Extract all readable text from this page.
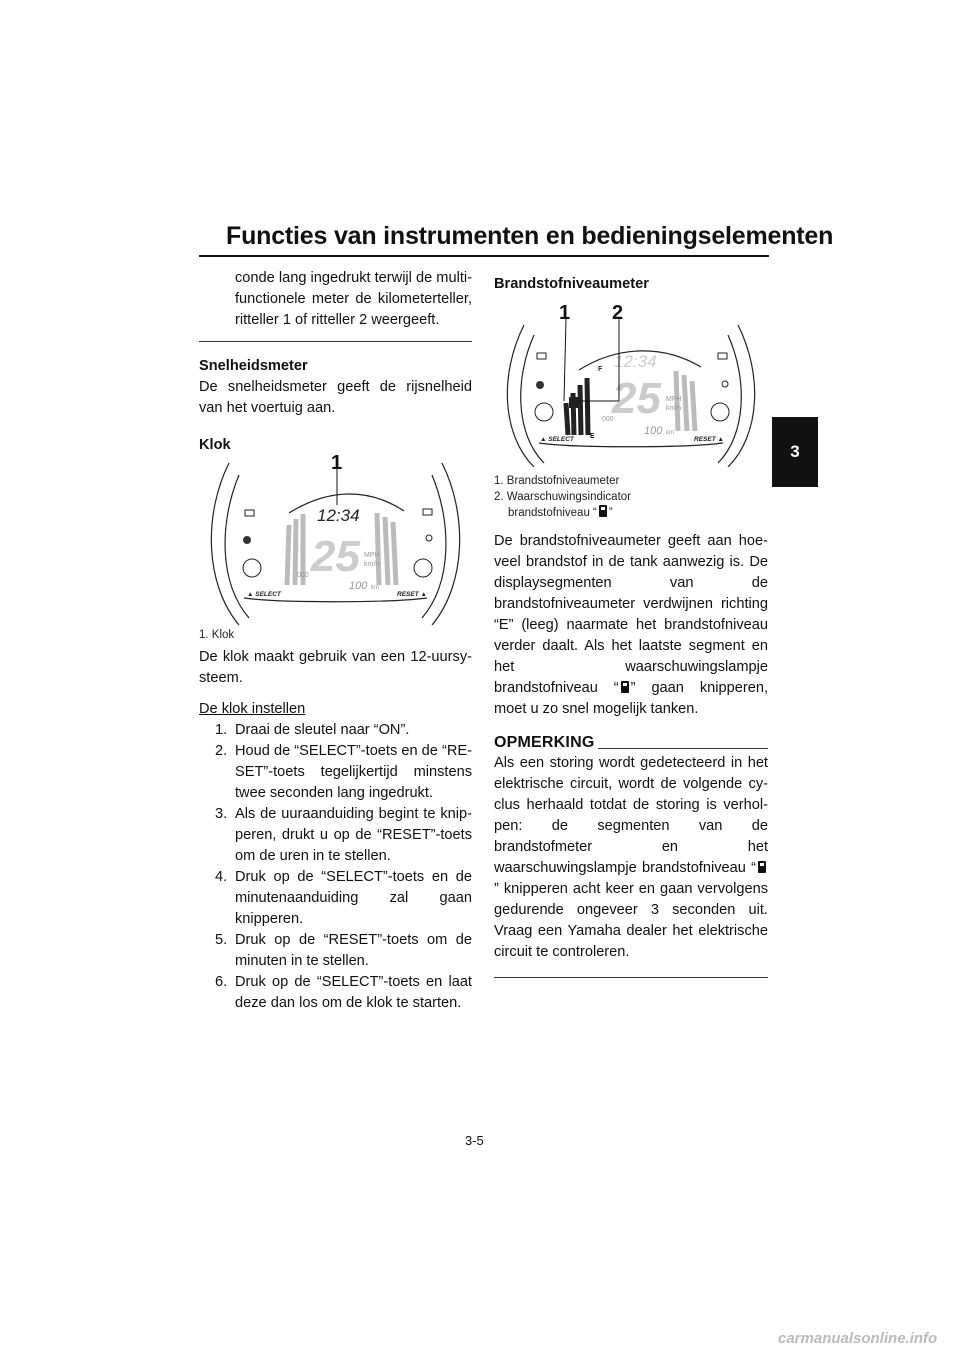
Functies van instrumenten en bedieningselementen
3

conde lang ingedrukt terwijl de multifunctionele meter de kilometerteller, ritteller 1 of ritteller 2 weergeeft.

Snelheidsmeter

De snelheidsmeter geeft de rijsnelheid van het voertuig aan.

Klok
12:34
25 MPH
km/h
000
100 km
▲ SELECT	RESET ▲
1
1. Klok

De klok maakt gebruik van een 12-uursysteem.

De klok instellen
1. Draai de sleutel naar “ON”.
2. Houd de “SELECT”-toets en de “RESET”-toets tegelijkertijd minstens twee seconden lang ingedrukt.
3. Als de uuraanduiding begint te knipperen, drukt u op de “RESET”-toets om de uren in te stellen.
4. Druk op de “SELECT”-toets en de minutenaanduiding zal gaan knipperen.
5. Druk op de “RESET”-toets om de minuten in te stellen.
6. Druk op de “SELECT”-toets en laat deze dan los om de klok te starten.
Brandstofniveaumeter
12:34
25 MPH
km/h
F
E
000
100 km
▲ SELECT	RESET ▲
1 2
1. Brandstofniveaumeter
2. Waarschuwingsindicator
brandstofniveau “ ”

De brandstofniveaumeter geeft aan hoeveel brandstof in de tank aanwezig is. De displaysegmenten van de brandstofniveaumeter verdwijnen richting “E” (leeg) naarmate het brandstofniveau verder daalt. Als het laatste segment en het waarschuwingslampje brandstofniveau “ ” gaan knipperen, moet u zo snel mogelijk tanken.

OPMERKING

Als een storing wordt gedetecteerd in het elektrische circuit, wordt de volgende cyclus herhaald totdat de storing is verholpen: de segmenten van de brandstofmeter en het waarschuwingslampje brandstofniveau “” knipperen acht keer en gaan vervolgens gedurende ongeveer 3 seconden uit. Vraag een Yamaha dealer het elektrische circuit te controleren.

3-5
carmanualsonline.info
